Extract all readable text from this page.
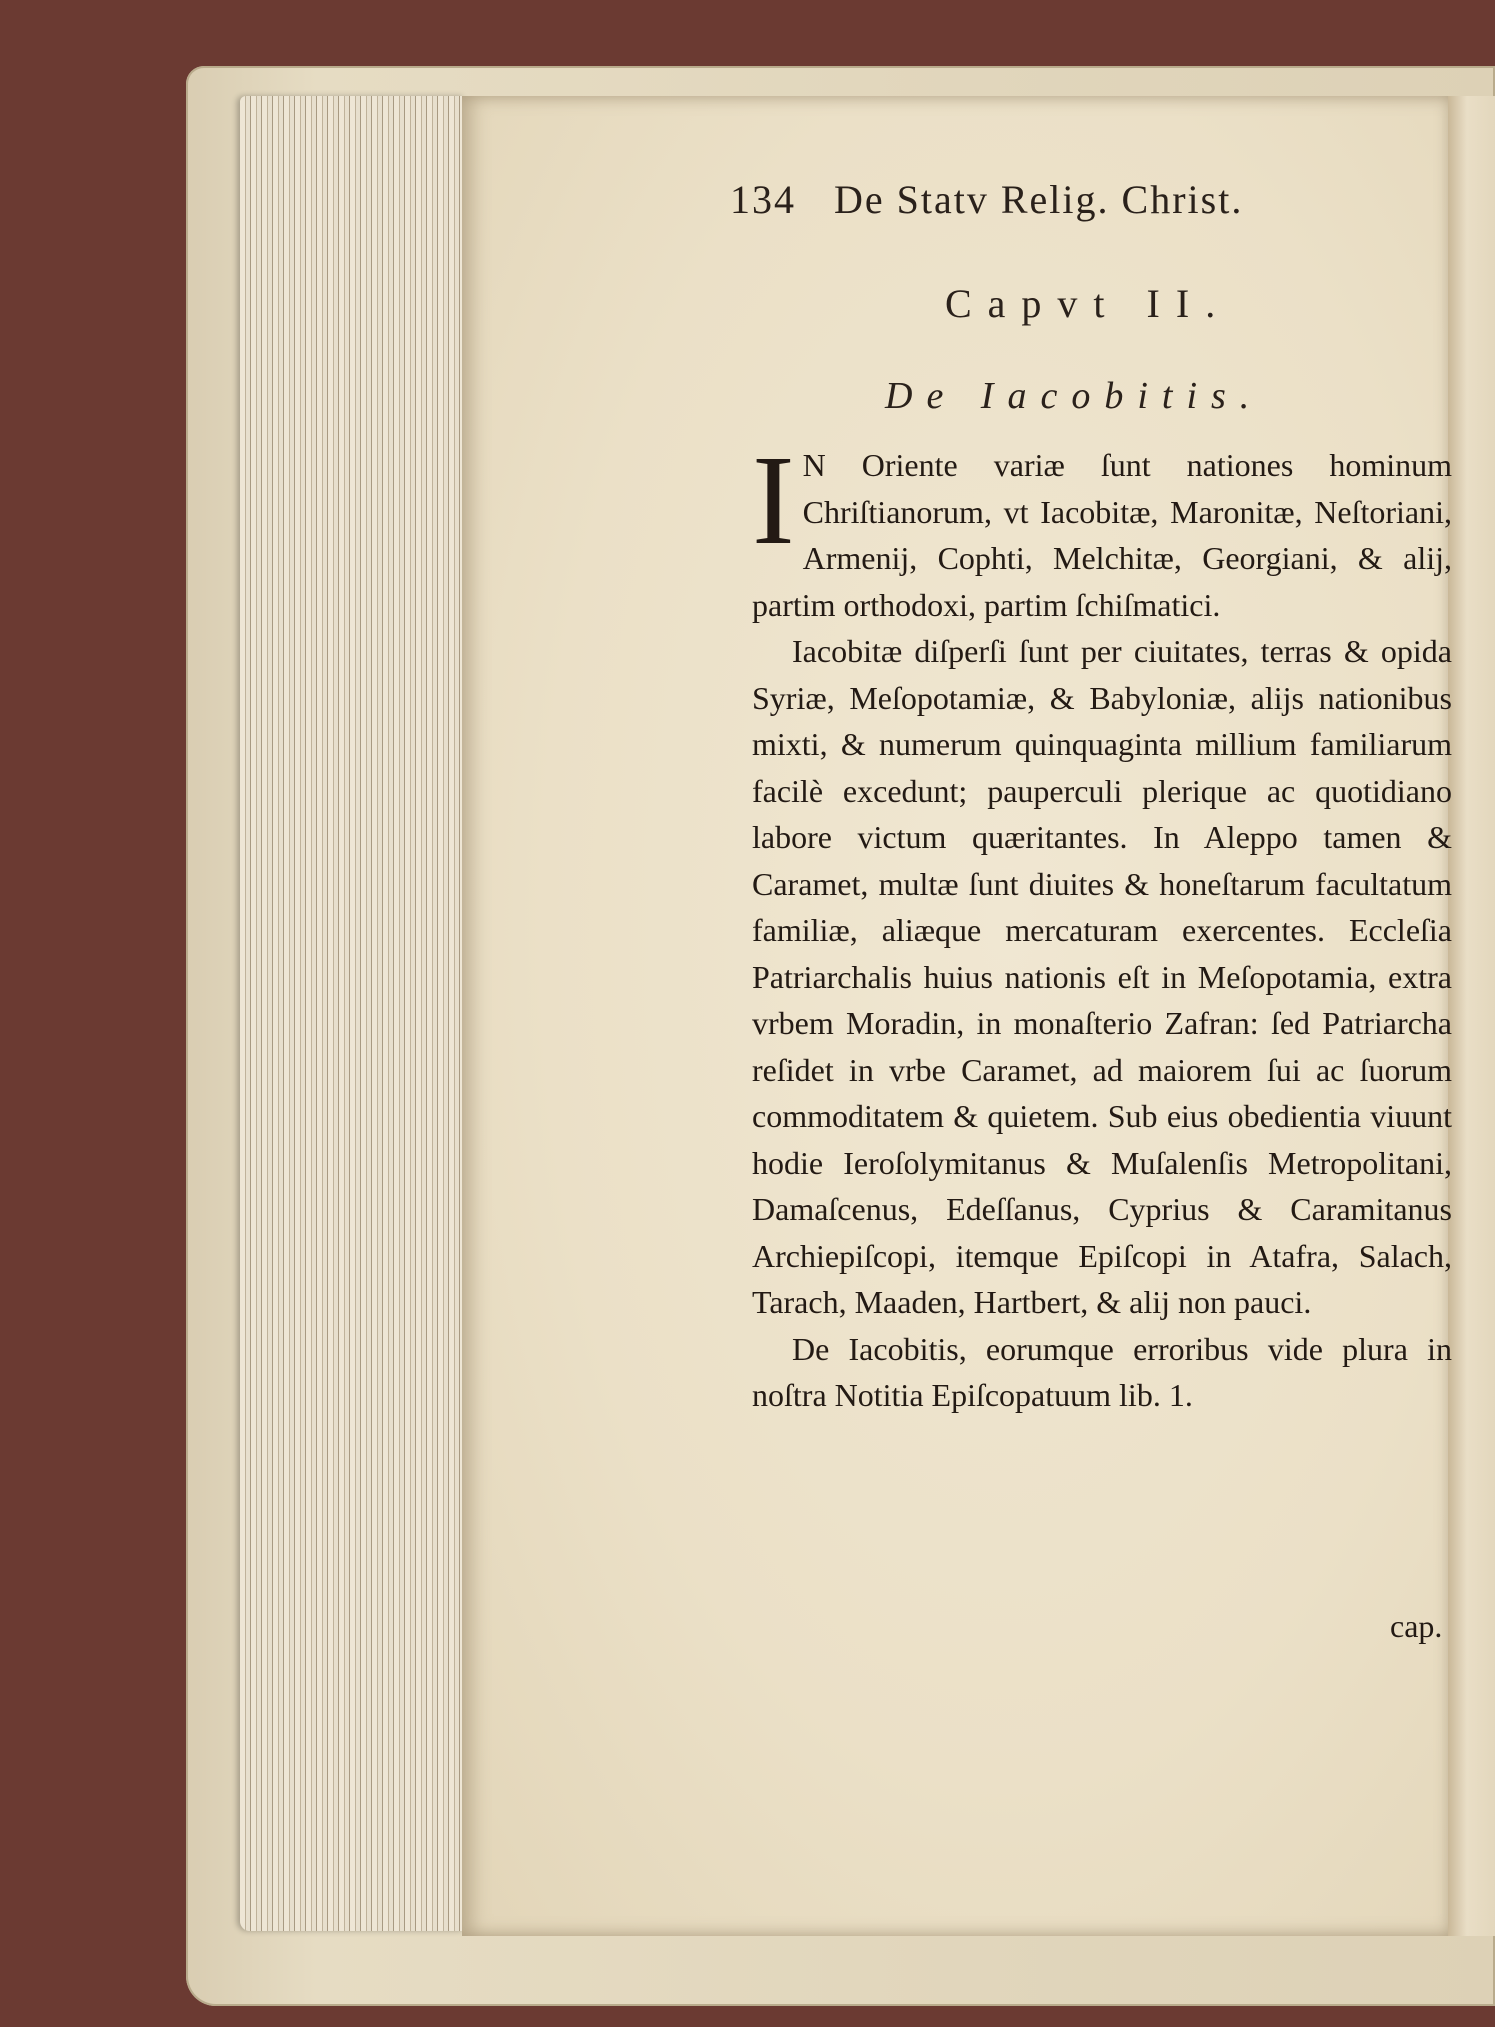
134 De Statv Relig. Christ.
Capvt II.
De Iacobitis.

I N Oriente variæ ſunt nationes hominum Chriſtianorum, vt Iacobitæ, Maronitæ, Neſtoriani, Armenij, Cophti, Melchitæ, Georgiani, & alij, partim orthodoxi, partim ſchiſmatici.

Iacobitæ diſperſi ſunt per ciuitates, terras & opida Syriæ, Meſopotamiæ, & Babyloniæ, alijs nationibus mixti, & numerum quinquaginta millium familiarum facilè excedunt; pauperculi plerique ac quotidiano labore victum quæritantes. In Aleppo tamen & Caramet, multæ ſunt diuites & honeſtarum facultatum familiæ, aliæque mercaturam exercentes. Eccleſia Patriarchalis huius nationis eſt in Meſopotamia, extra vrbem Moradin, in monaſterio Zafran: ſed Patriarcha reſidet in vrbe Caramet, ad maiorem ſui ac ſuorum commoditatem & quietem. Sub eius obedientia viuunt hodie Ieroſolymitanus & Muſalenſis Metropolitani, Damaſcenus, Edeſſanus, Cyprius & Caramitanus Archiepiſcopi, itemque Epiſcopi in Atafra, Salach, Tarach, Maaden, Hartbert, & alij non pauci.

De Iacobitis, eorumque erroribus vide plura in noſtra Notitia Epiſcopatuum lib. 1.

cap.
